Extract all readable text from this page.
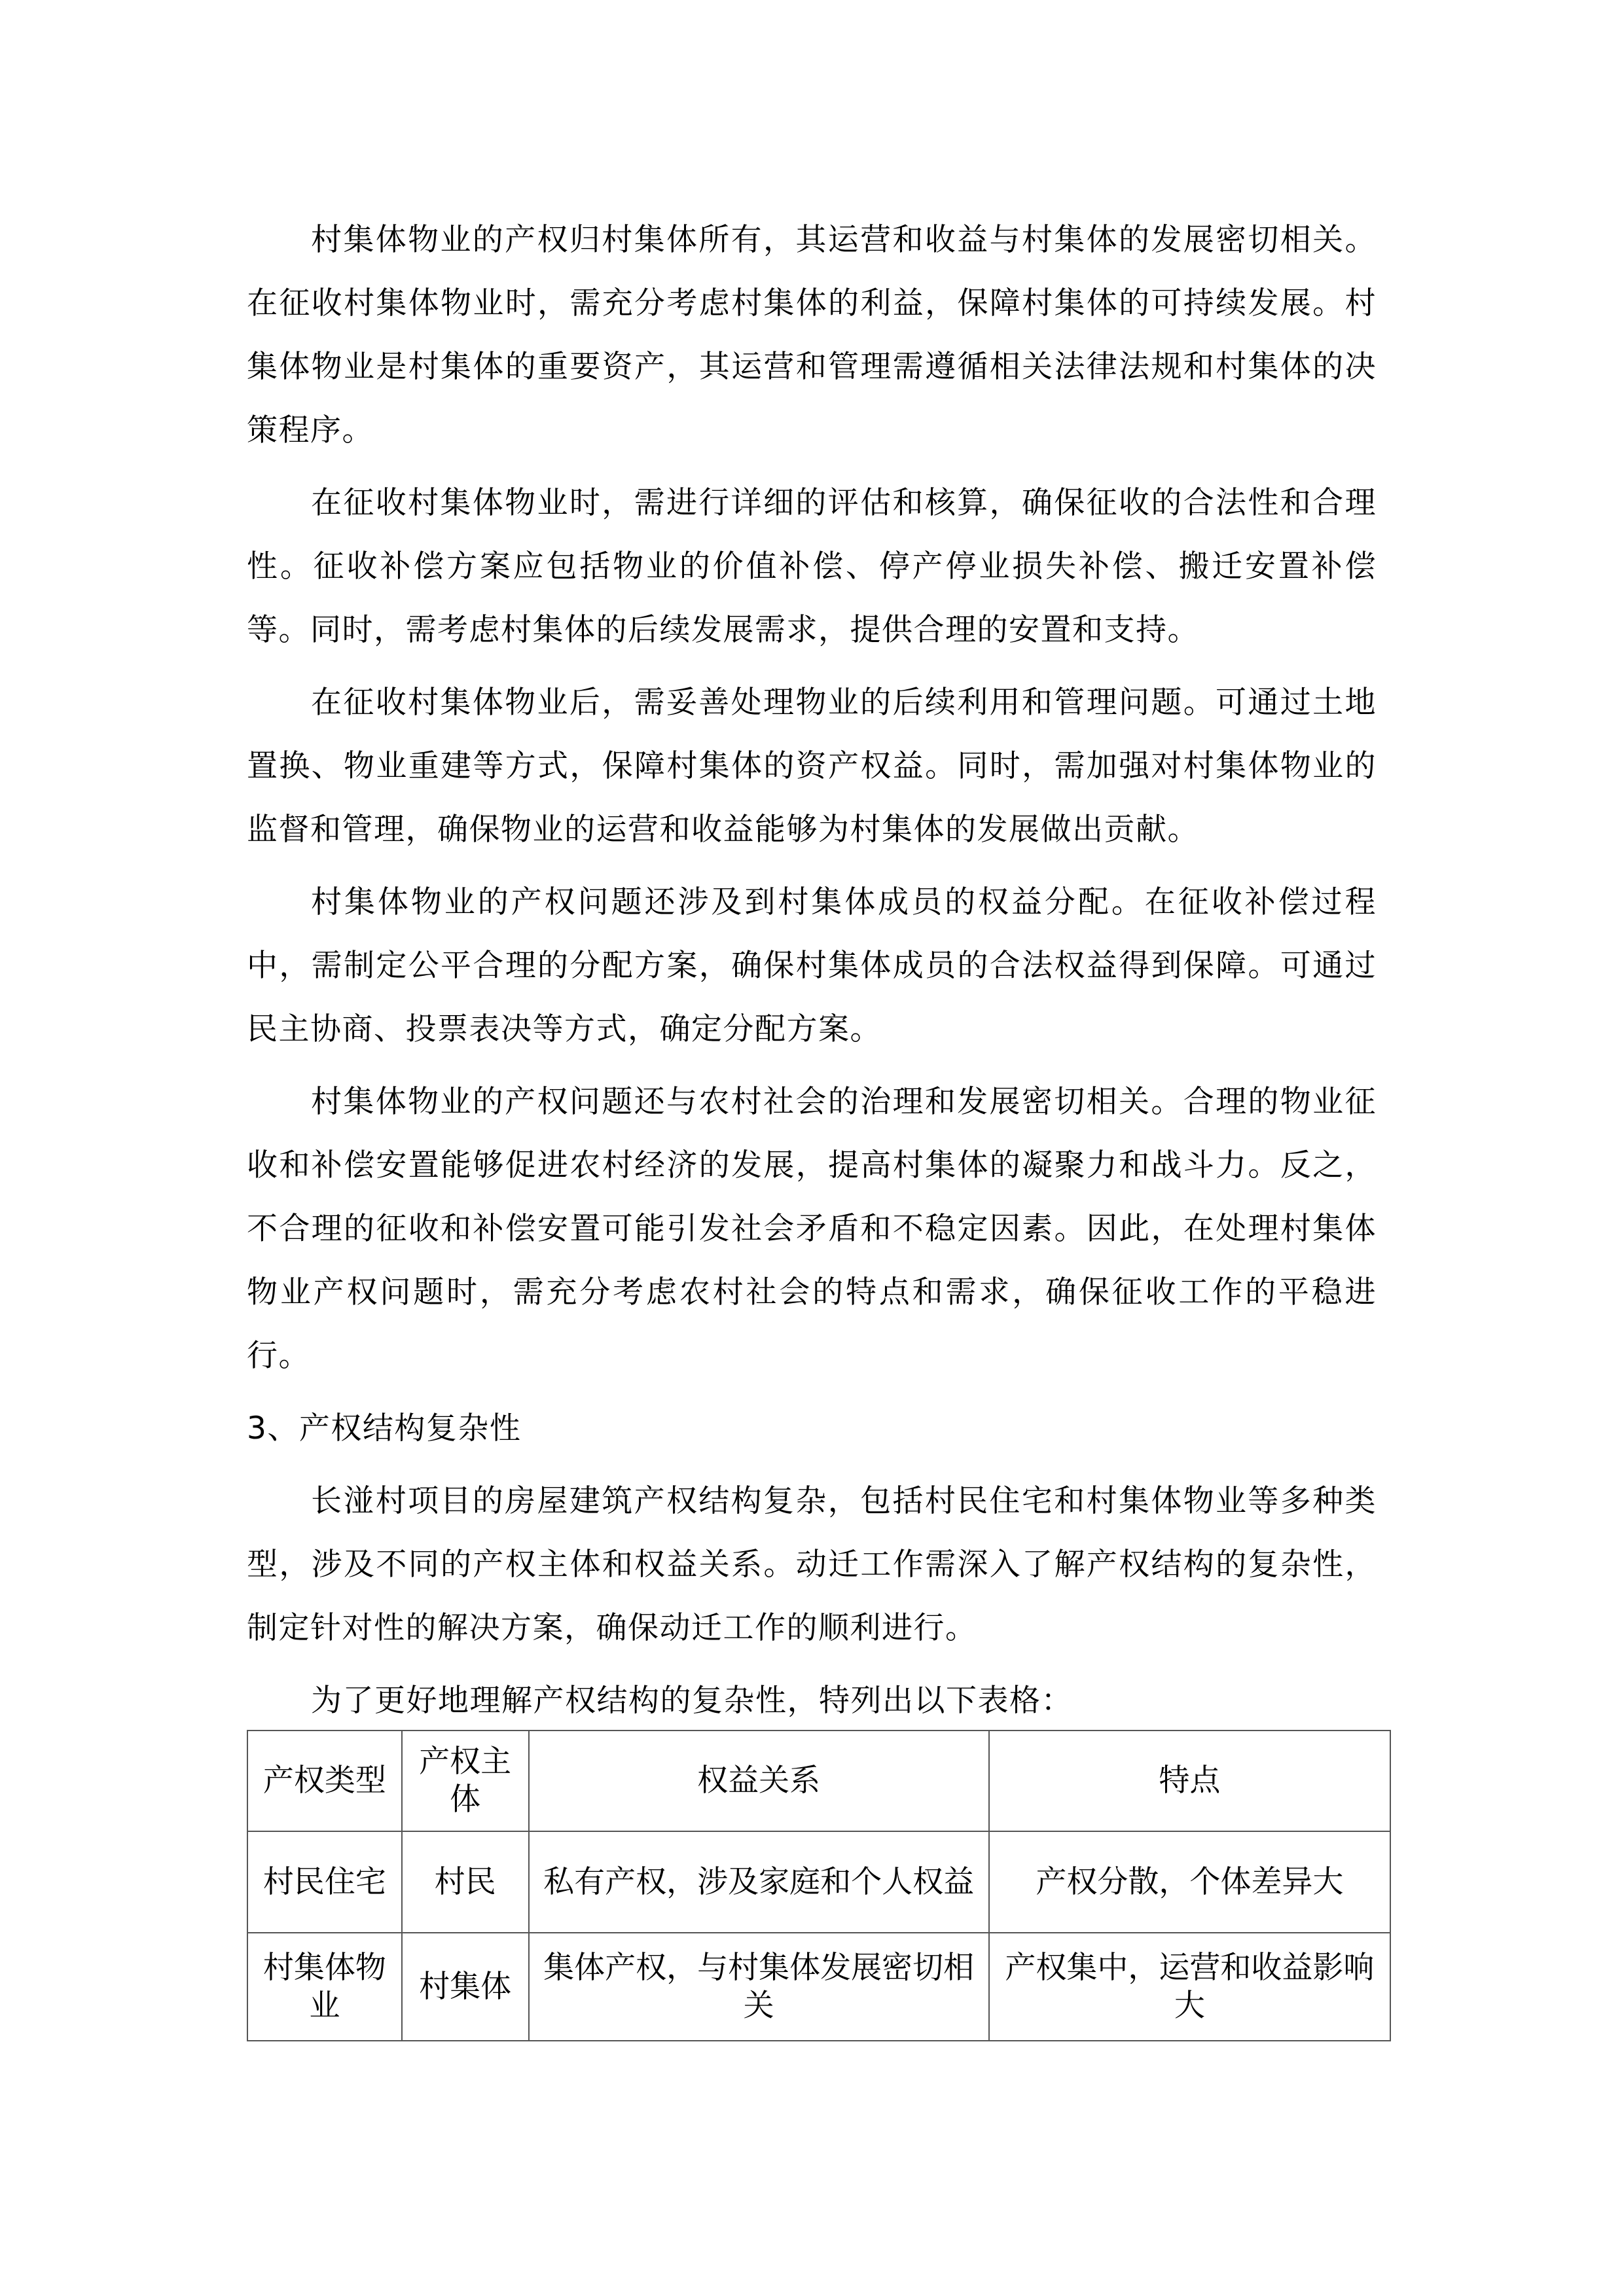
村集体物业的产权归村集体所有，其运营和收益与村集体的发展密切相关。在征收村集体物业时，需充分考虑村集体的利益，保障村集体的可持续发展。村集体物业是村集体的重要资产，其运营和管理需遵循相关法律法规和村集体的决策程序。

在征收村集体物业时，需进行详细的评估和核算，确保征收的合法性和合理性。征收补偿方案应包括物业的价值补偿、停产停业损失补偿、搬迁安置补偿等。同时，需考虑村集体的后续发展需求，提供合理的安置和支持。

在征收村集体物业后，需妥善处理物业的后续利用和管理问题。可通过土地置换、物业重建等方式，保障村集体的资产权益。同时，需加强对村集体物业的监督和管理，确保物业的运营和收益能够为村集体的发展做出贡献。

村集体物业的产权问题还涉及到村集体成员的权益分配。在征收补偿过程中，需制定公平合理的分配方案，确保村集体成员的合法权益得到保障。可通过民主协商、投票表决等方式，确定分配方案。

村集体物业的产权问题还与农村社会的治理和发展密切相关。合理的物业征收和补偿安置能够促进农村经济的发展，提高村集体的凝聚力和战斗力。反之，不合理的征收和补偿安置可能引发社会矛盾和不稳定因素。因此，在处理村集体物业产权问题时，需充分考虑农村社会的特点和需求，确保征收工作的平稳进行。

3、产权结构复杂性

长湴村项目的房屋建筑产权结构复杂，包括村民住宅和村集体物业等多种类型，涉及不同的产权主体和权益关系。动迁工作需深入了解产权结构的复杂性，制定针对性的解决方案，确保动迁工作的顺利进行。

为了更好地理解产权结构的复杂性，特列出以下表格：

产权类型	产权主体	权益关系	特点
村民住宅	村民	私有产权，涉及家庭和个人权益	产权分散，个体差异大
村集体物业	村集体	集体产权，与村集体发展密切相关	产权集中，运营和收益影响大
